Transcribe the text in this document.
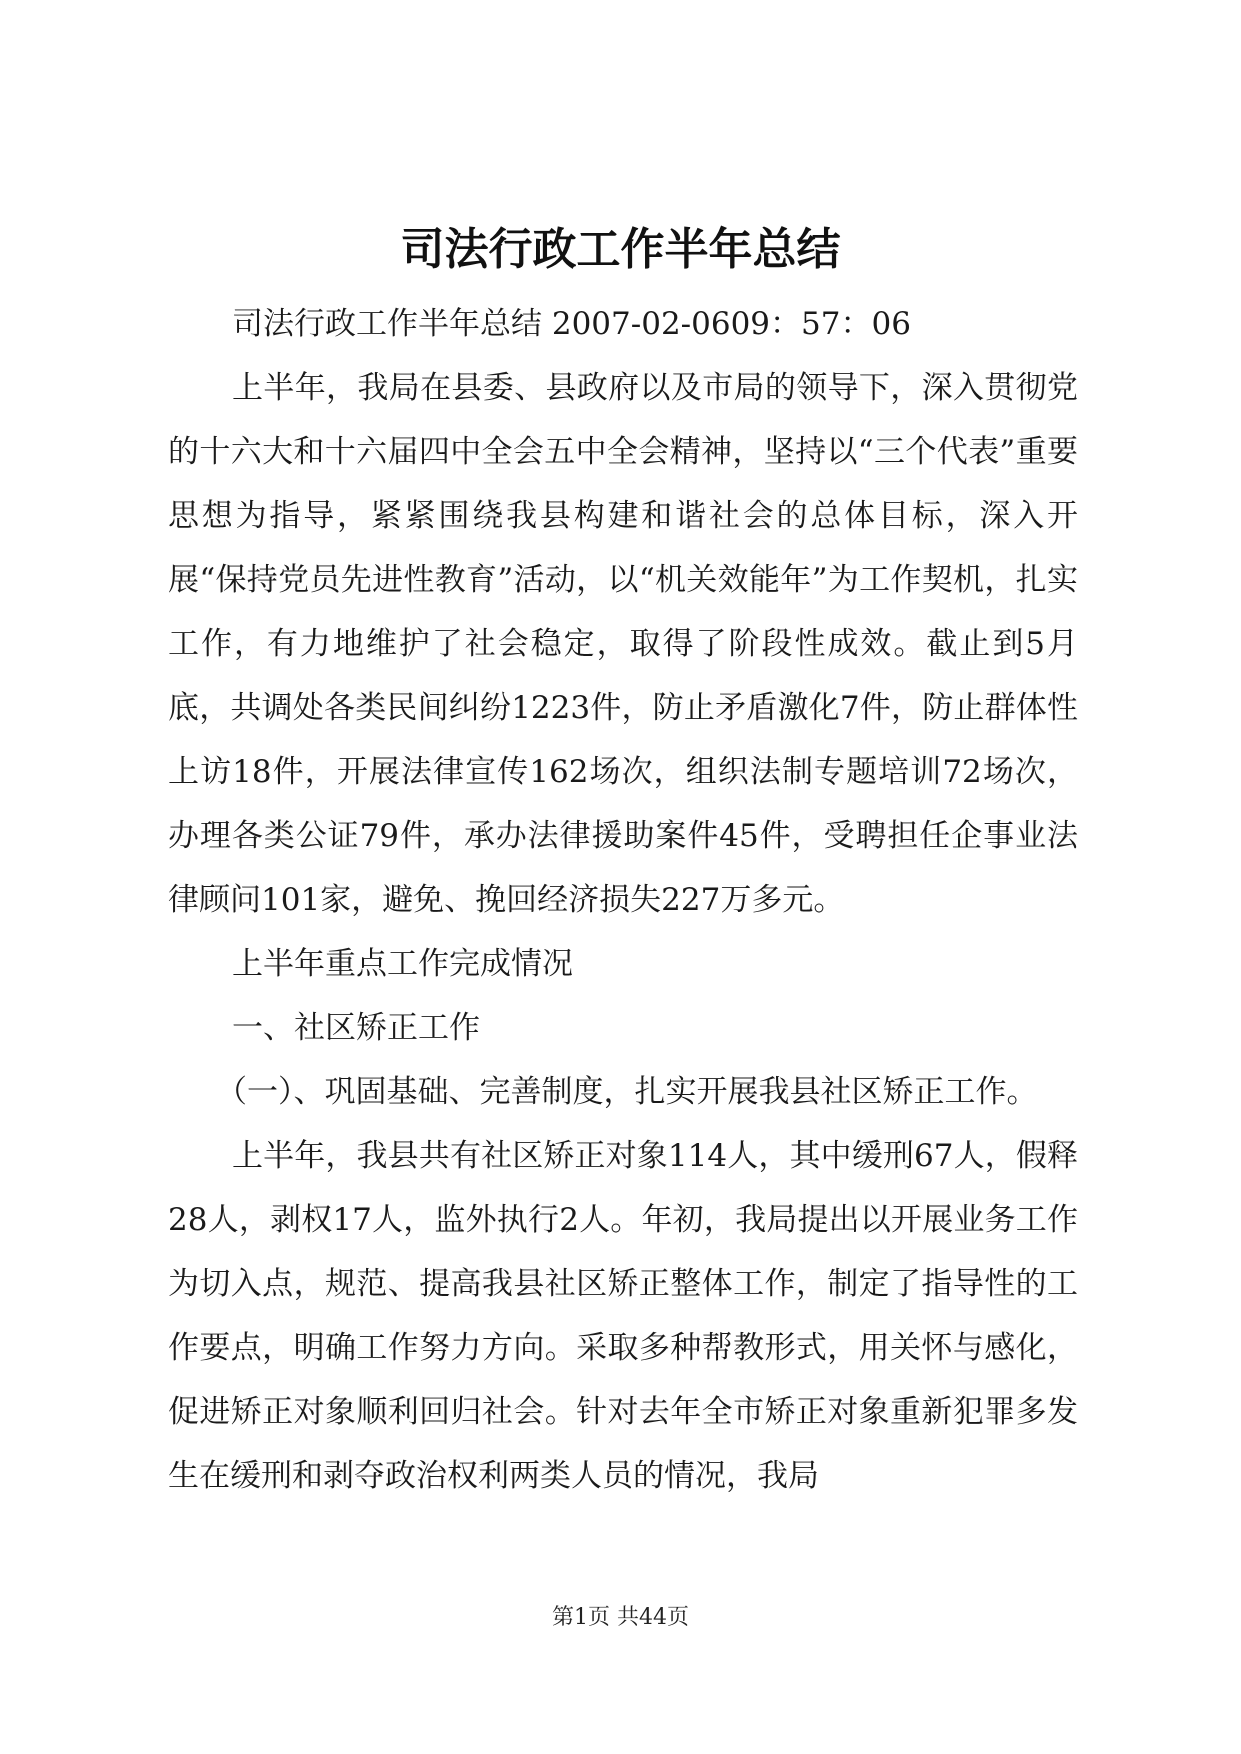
司法行政工作半年总结

司法行政工作半年总结 2007-02-0609：57：06

上半年，我局在县委、县政府以及市局的领导下，深入贯彻党的十六大和十六届四中全会五中全会精神，坚持以“三个代表”重要思想为指导，紧紧围绕我县构建和谐社会的总体目标，深入开展“保持党员先进性教育”活动，以“机关效能年”为工作契机，扎实工作，有力地维护了社会稳定，取得了阶段性成效。截止到5月底，共调处各类民间纠纷1223件，防止矛盾激化7件，防止群体性上访18件，开展法律宣传162场次，组织法制专题培训72场次，办理各类公证79件，承办法律援助案件45件，受聘担任企事业法律顾问101家，避免、挽回经济损失227万多元。

上半年重点工作完成情况

一、社区矫正工作

（一）、巩固基础、完善制度，扎实开展我县社区矫正工作。

上半年，我县共有社区矫正对象114人，其中缓刑67人，假释28人，剥权17人，监外执行2人。年初，我局提出以开展业务工作为切入点，规范、提高我县社区矫正整体工作，制定了指导性的工作要点，明确工作努力方向。采取多种帮教形式，用关怀与感化，促进矫正对象顺利回归社会。针对去年全市矫正对象重新犯罪多发生在缓刑和剥夺政治权利两类人员的情况，我局

第1页 共44页
